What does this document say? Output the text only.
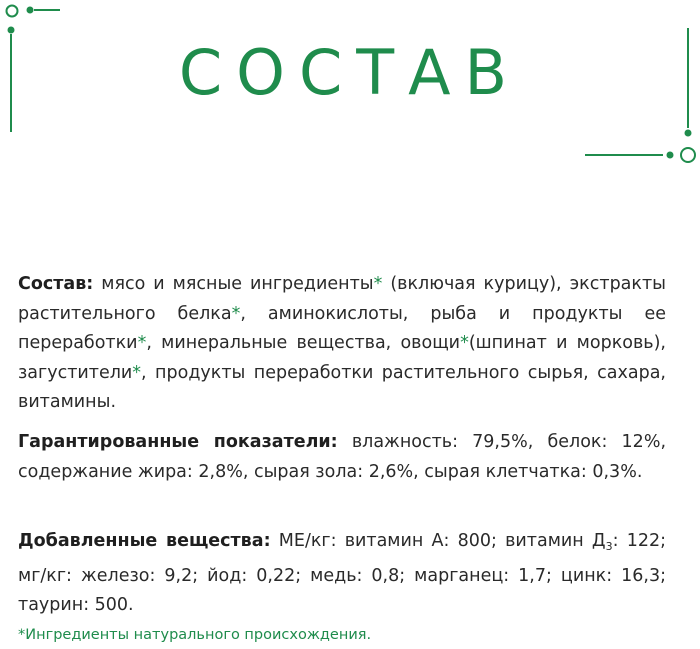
СОСТАВ

Состав: мясо и мясные ингредиенты* (включая курицу), экстракты растительного белка*, аминокислоты, рыба и продукты ее переработки*, минеральные вещества, овощи*(шпинат и морковь), загустители*, продукты переработки растительного сырья, сахара, витамины.

Гарантированные показатели: влажность: 79,5%, белок: 12%, содержание жира: 2,8%, сырая зола: 2,6%, сырая клетчатка: 0,3%.

Добавленные вещества: МЕ/кг: витамин А: 800; витамин $Д_3$: 122; мг/кг: железо: 9,2; йод: 0,22; медь: 0,8; марганец: 1,7; цинк: 16,3; таурин: 500.

*Ингредиенты натурального происхождения.
